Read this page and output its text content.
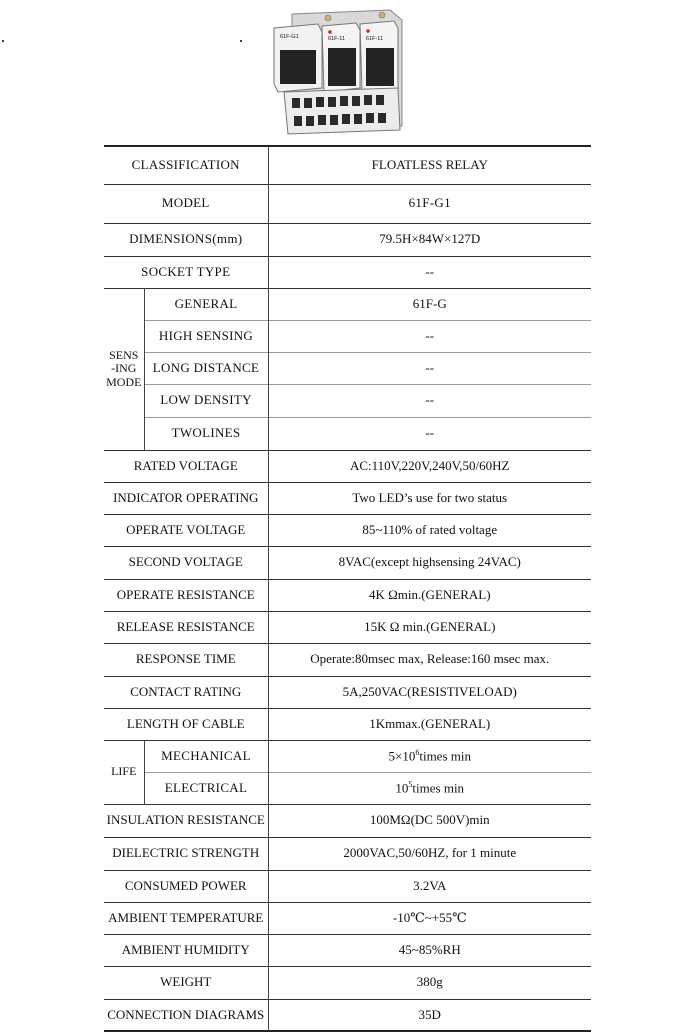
61F-G1	61F-11	61F-11
CLASSIFICATION		FLOATLESS RELAY
MODEL		61F-G1
DIMENSIONS(mm)		79.5H×84W×127D
SOCKET TYPE		--

SENS
-ING
MODE	GENERAL	61F-G
	HIGH SENSING	--
	LONG DISTANCE	--
	LOW DENSITY	--
	TWOLINES	--
RATED VOLTAGE		AC:110V,220V,240V,50/60HZ
INDICATOR OPERATING		Two LED’s use for two status
OPERATE VOLTAGE		85~110% of rated voltage
SECOND VOLTAGE		8VAC(except highsensing 24VAC)
OPERATE RESISTANCE		4K Ωmin.(GENERAL)
RELEASE RESISTANCE		15K Ω min.(GENERAL)
RESPONSE TIME		Operate:80msec max, Release:160 msec max.
CONTACT RATING		5A,250VAC(RESISTIVELOAD)
LENGTH OF CABLE		1Kmmax.(GENERAL)
LIFE	MECHANICAL	$5\times 10^6times$ min
	ELECTRICAL	$10^5times$ min
INSULATION RESISTANCE		100MΩ(DC 500V)min
DIELECTRIC STRENGTH		2000VAC,50/60HZ, for 1 minute
CONSUMED POWER		3.2VA
AMBIENT TEMPERATURE		-10℃~+55℃
AMBIENT HUMIDITY		45~85%RH
WEIGHT		380g
CONNECTION DIAGRAMS		35D
